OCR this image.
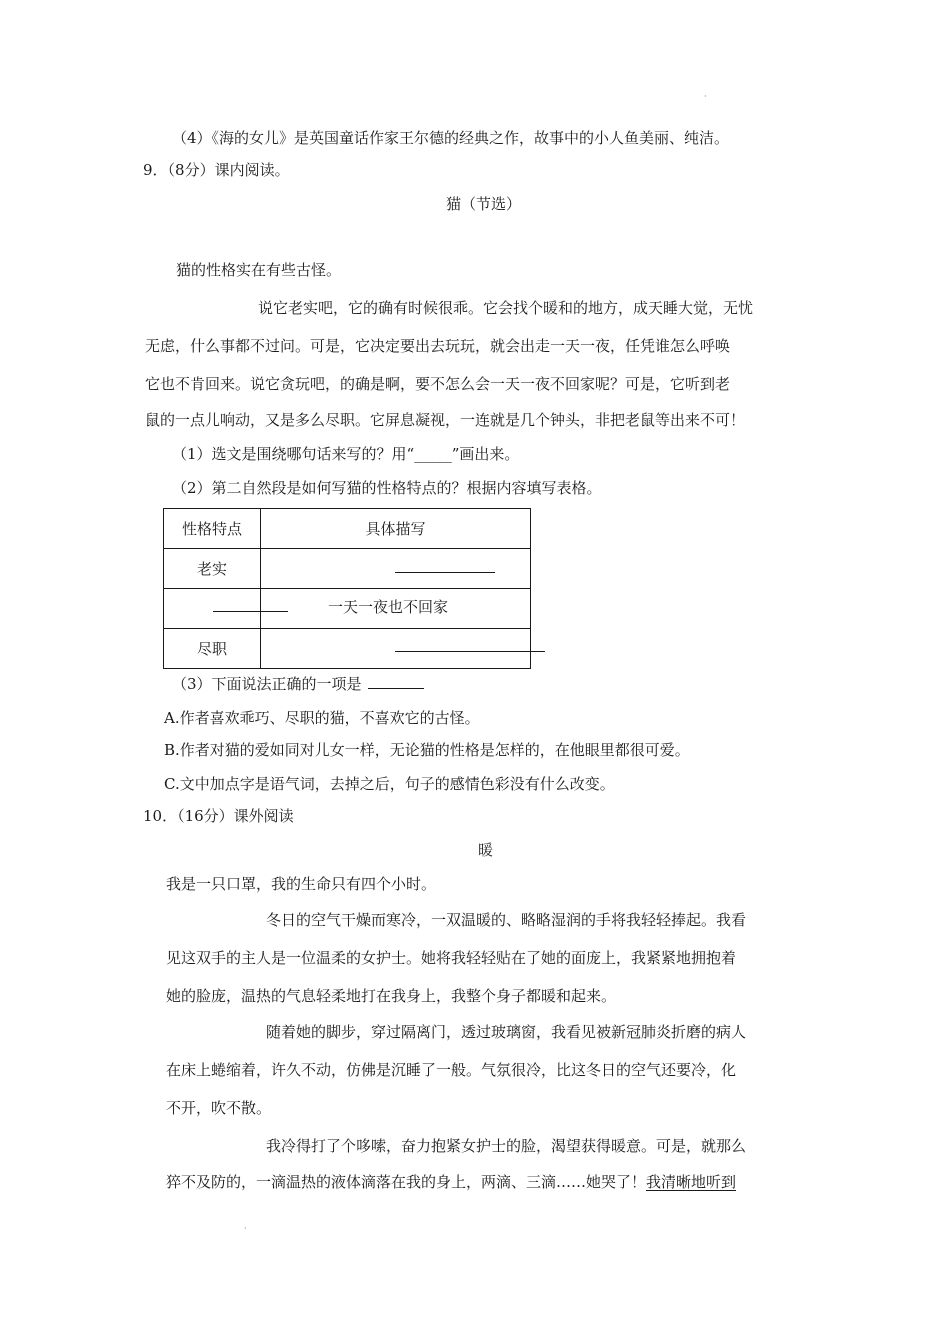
·
（4）《海的女儿》是英国童话作家王尔德的经典之作，故事中的小人鱼美丽、纯洁。
9．（8分）课内阅读。
猫（节选）
猫的性格实在有些古怪。
说它老实吧，它的确有时候很乖。它会找个暖和的地方，成天睡大觉，无忧
无虑，什么事都不过问。可是，它决定要出去玩玩，就会出走一天一夜，任凭谁怎么呼唤
它也不肯回来。说它贪玩吧，的确是啊，要不怎么会一天一夜不回家呢？可是，它听到老
鼠的一点儿响动，又是多么尽职。它屏息凝视，一连就是几个钟头，非把老鼠等出来不可！
（1）选文是围绕哪句话来写的？用“_____”画出来。
（2）第二自然段是如何写猫的性格特点的？根据内容填写表格。
性格特点	具体描写
老实	

	一天一夜也不回家

尽职	
（3）下面说法正确的一项是
A.作者喜欢乖巧、尽职的猫，不喜欢它的古怪。
B.作者对猫的爱如同对儿女一样，无论猫的性格是怎样的，在他眼里都很可爱。
C.文中加点字是语气词，去掉之后，句子的感情色彩没有什么改变。
10．（16分）课外阅读
暖
我是一只口罩，我的生命只有四个小时。
冬日的空气干燥而寒冷，一双温暖的、略略湿润的手将我轻轻捧起。我看
见这双手的主人是一位温柔的女护士。她将我轻轻贴在了她的面庞上，我紧紧地拥抱着
她的脸庞，温热的气息轻柔地打在我身上，我整个身子都暖和起来。
随着她的脚步，穿过隔离门，透过玻璃窗，我看见被新冠肺炎折磨的病人
在床上蜷缩着，许久不动，仿佛是沉睡了一般。气氛很冷，比这冬日的空气还要冷，化
不开，吹不散。
我冷得打了个哆嗦，奋力抱紧女护士的脸，渴望获得暖意。可是，就那么
猝不及防的，一滴温热的液体滴落在我的身上，两滴、三滴……她哭了！我清晰地听到
·
